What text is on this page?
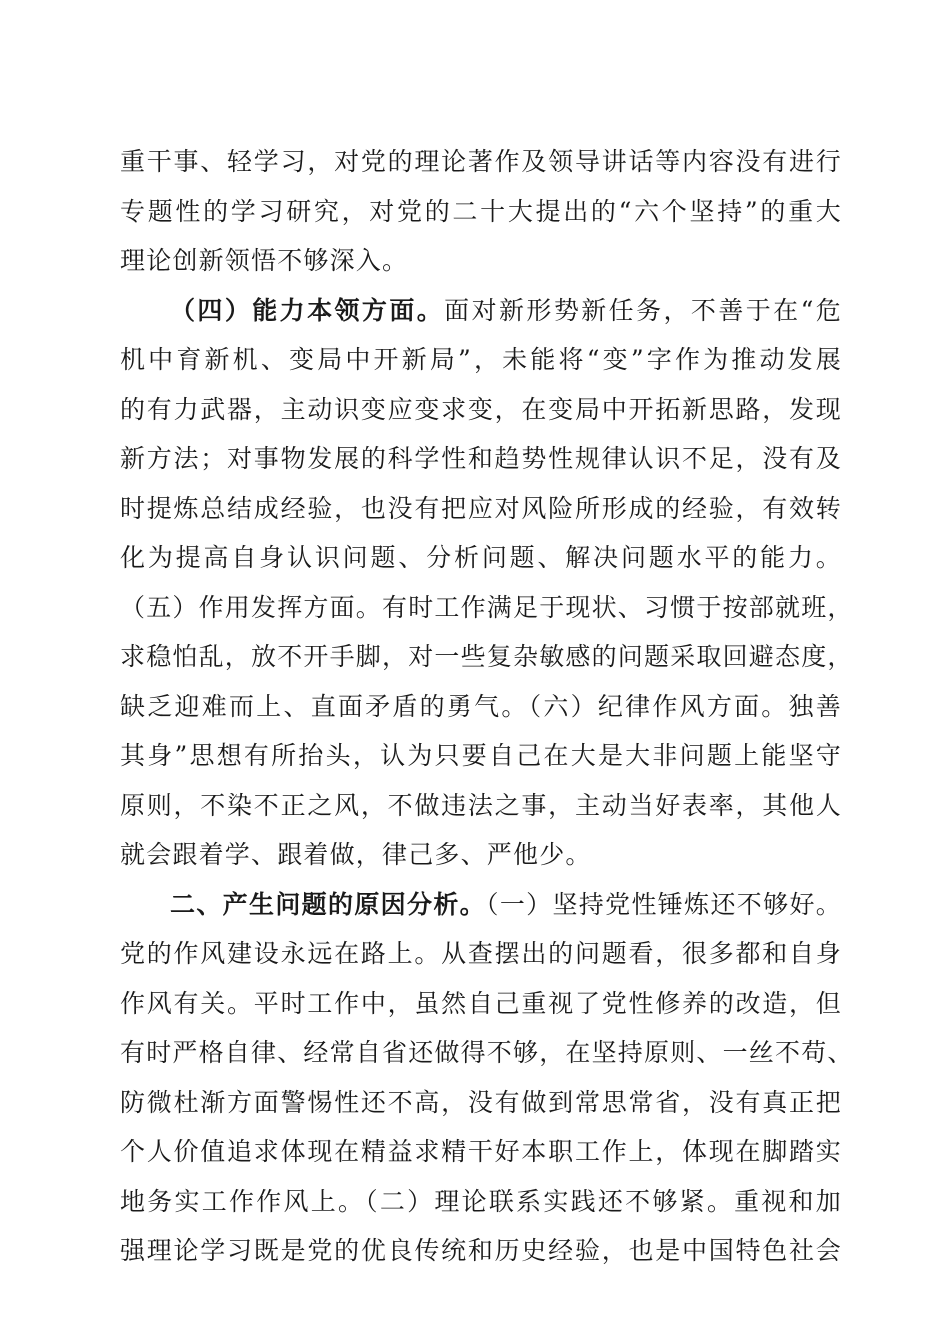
重干事、轻学习，对党的理论著作及领导讲话等内容没有进行
专题性的学习研究，对党的二十大提出的“六个坚持”的重大
理论创新领悟不够深入。
（四）能力本领方面。面对新形势新任务，不善于在“危
机中育新机、变局中开新局”，未能将“变”字作为推动发展
的有力武器，主动识变应变求变，在变局中开拓新思路，发现
新方法；对事物发展的科学性和趋势性规律认识不足，没有及
时提炼总结成经验，也没有把应对风险所形成的经验，有效转
化为提高自身认识问题、分析问题、解决问题水平的能力。
（五）作用发挥方面。有时工作满足于现状、习惯于按部就班，
求稳怕乱，放不开手脚，对一些复杂敏感的问题采取回避态度，
缺乏迎难而上、直面矛盾的勇气。（六）纪律作风方面。独善
其身”思想有所抬头，认为只要自己在大是大非问题上能坚守
原则，不染不正之风，不做违法之事，主动当好表率，其他人
就会跟着学、跟着做，律己多、严他少。
二、产生问题的原因分析。（一）坚持党性锤炼还不够好。
党的作风建设永远在路上。从查摆出的问题看，很多都和自身
作风有关。平时工作中，虽然自己重视了党性修养的改造，但
有时严格自律、经常自省还做得不够，在坚持原则、一丝不苟、
防微杜渐方面警惕性还不高，没有做到常思常省，没有真正把
个人价值追求体现在精益求精干好本职工作上，体现在脚踏实
地务实工作作风上。（二）理论联系实践还不够紧。重视和加
强理论学习既是党的优良传统和历史经验，也是中国特色社会
